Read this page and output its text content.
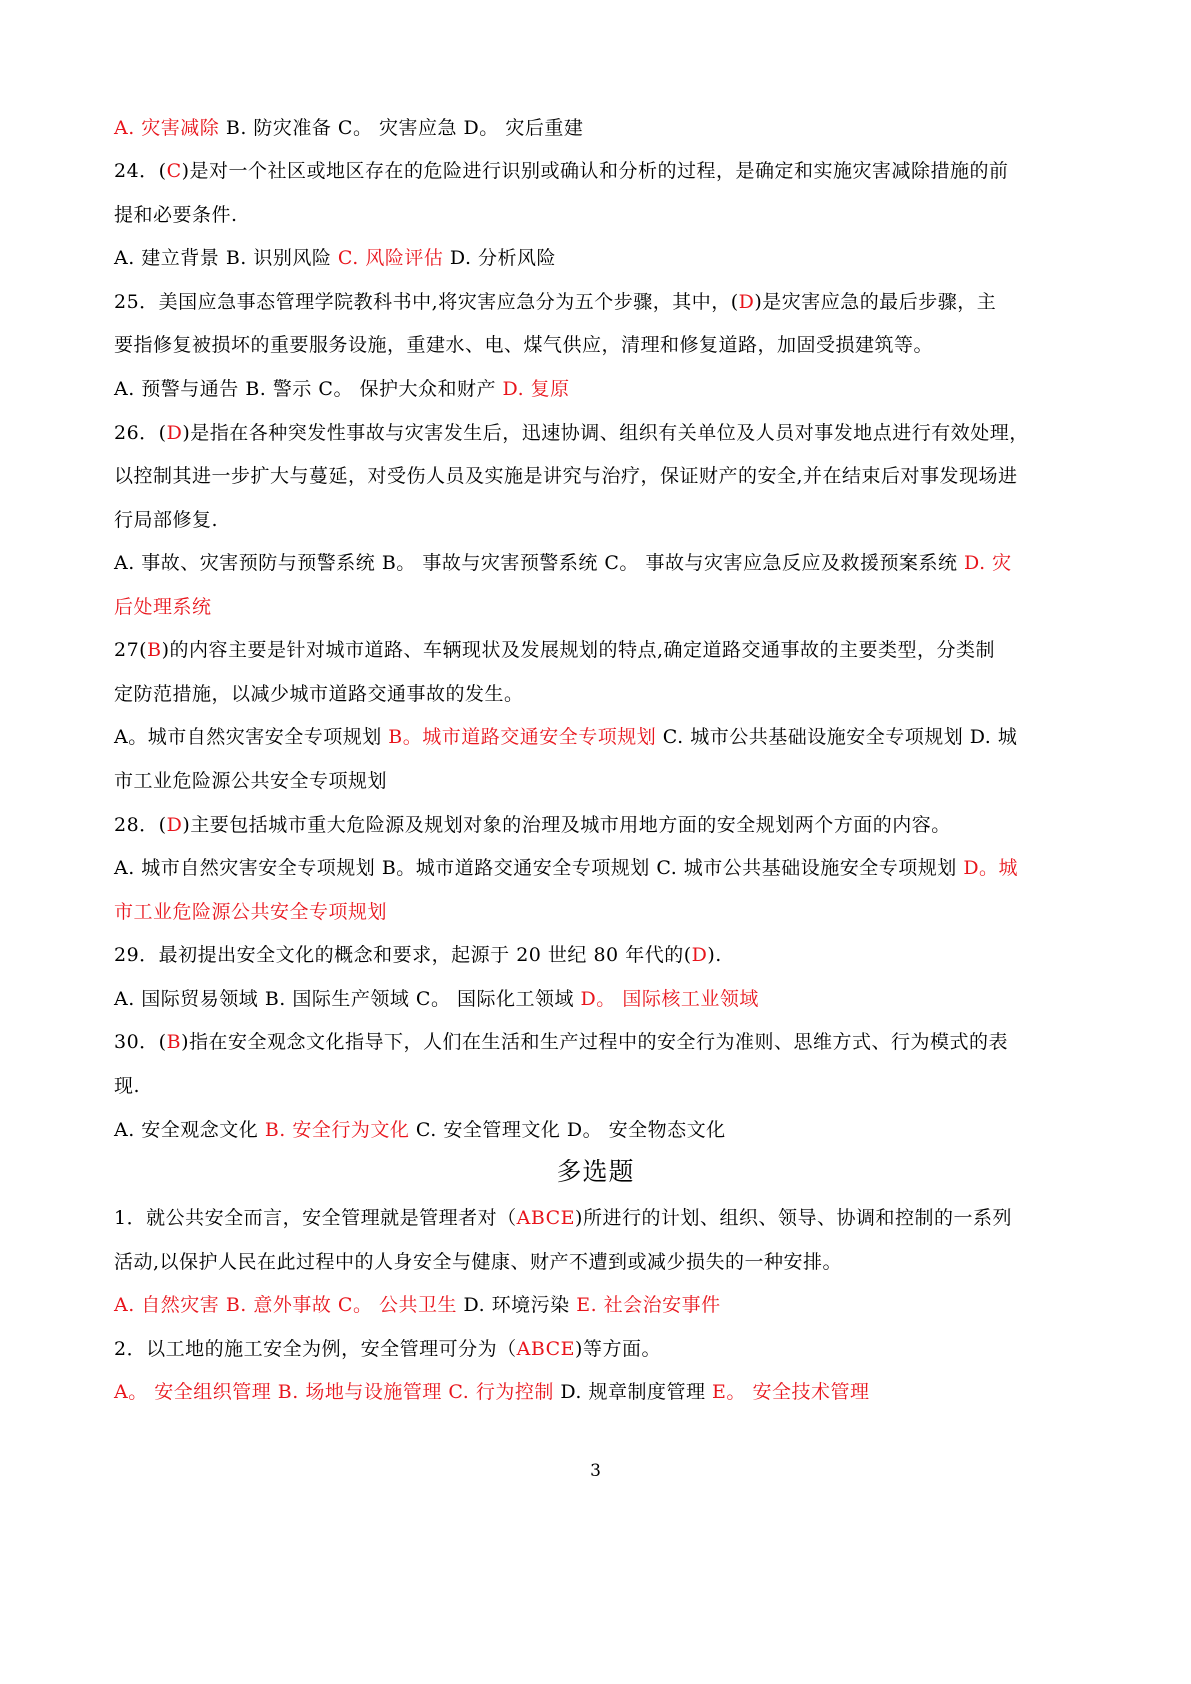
A. 灾害减除 B. 防灾准备 C。 灾害应急 D。 灾后重建
24．(C)是对一个社区或地区存在的危险进行识别或确认和分析的过程，是确定和实施灾害减除措施的前
提和必要条件.
A. 建立背景 B. 识别风险 C. 风险评估 D. 分析风险
25．美国应急事态管理学院教科书中,将灾害应急分为五个步骤，其中，(D)是灾害应急的最后步骤，主
要指修复被损坏的重要服务设施，重建水、电、煤气供应，清理和修复道路，加固受损建筑等。
A. 预警与通告 B. 警示 C。 保护大众和财产 D. 复原
26．(D)是指在各种突发性事故与灾害发生后，迅速协调、组织有关单位及人员对事发地点进行有效处理，
以控制其进一步扩大与蔓延，对受伤人员及实施是讲究与治疗，保证财产的安全,并在结束后对事发现场进
行局部修复.
A. 事故、灾害预防与预警系统 B。 事故与灾害预警系统 C。 事故与灾害应急反应及救援预案系统 D. 灾
后处理系统
27(B)的内容主要是针对城市道路、车辆现状及发展规划的特点,确定道路交通事故的主要类型，分类制
定防范措施，以减少城市道路交通事故的发生。
A。城市自然灾害安全专项规划 B。城市道路交通安全专项规划 C. 城市公共基础设施安全专项规划 D. 城
市工业危险源公共安全专项规划
28．(D)主要包括城市重大危险源及规划对象的治理及城市用地方面的安全规划两个方面的内容。
A. 城市自然灾害安全专项规划 B。城市道路交通安全专项规划 C. 城市公共基础设施安全专项规划 D。城
市工业危险源公共安全专项规划
29．最初提出安全文化的概念和要求，起源于 20 世纪 80 年代的(D).
A. 国际贸易领域 B. 国际生产领域 C。 国际化工领域 D。 国际核工业领域
30．(B)指在安全观念文化指导下，人们在生活和生产过程中的安全行为准则、思维方式、行为模式的表
现.
A. 安全观念文化 B. 安全行为文化 C. 安全管理文化 D。 安全物态文化
1．就公共安全而言，安全管理就是管理者对（ABCE)所进行的计划、组织、领导、协调和控制的一系列
活动,以保护人民在此过程中的人身安全与健康、财产不遭到或减少损失的一种安排。
A. 自然灾害 B. 意外事故 C。 公共卫生 D. 环境污染 E. 社会治安事件
2．以工地的施工安全为例，安全管理可分为（ABCE)等方面。
A。 安全组织管理 B. 场地与设施管理 C. 行为控制 D. 规章制度管理 E。 安全技术管理
多选题
3
